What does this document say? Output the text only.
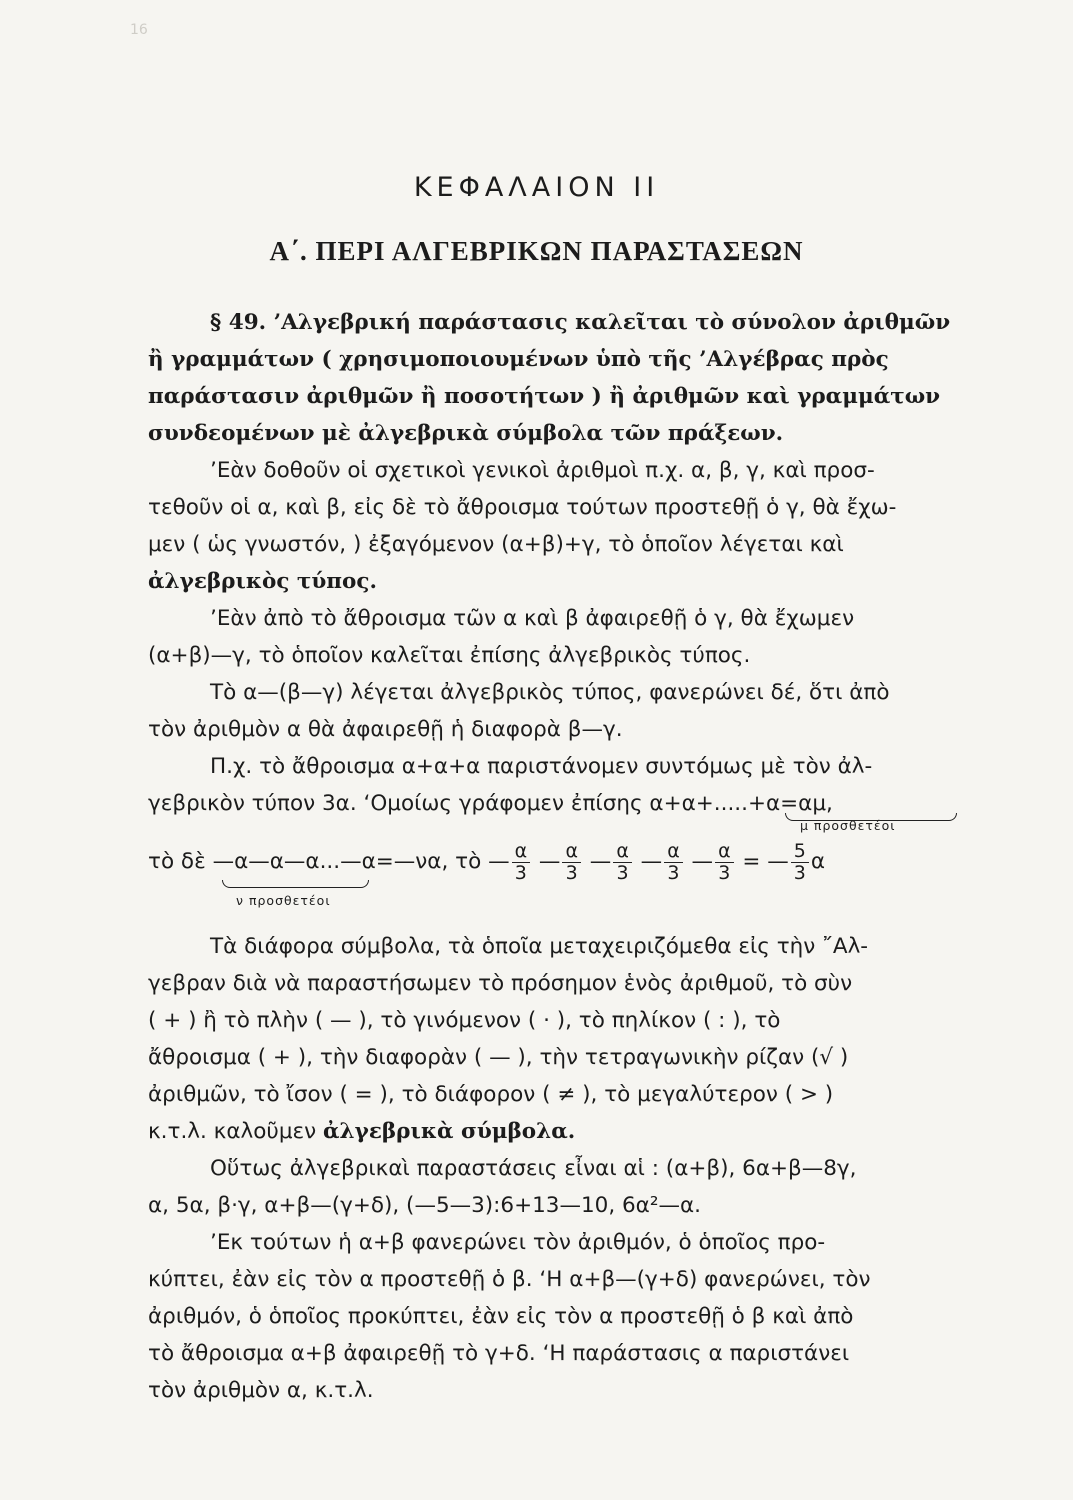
16
ΚΕΦΑΛΑΙΟΝ ΙΙ
Α΄. ΠΕΡΙ ΑΛΓΕΒΡΙΚΩΝ ΠΑΡΑΣΤΑΣΕΩΝ
§ 49. ’Αλγεβρική παράστασις καλεῖται τὸ σύνολον ἀριθμῶν
ἢ γραμμάτων ( χρησιμοποιουμένων ὑπὸ τῆς ’Αλγέβρας πρὸς
παράστασιν ἀριθμῶν ἢ ποσοτήτων ) ἢ ἀριθμῶν καὶ γραμμάτων
συνδεομένων μὲ ἀλγεβρικὰ σύμβολα τῶν πράξεων.
’Εὰν δοθοῦν οἱ σχετικοὶ γενικοὶ ἀριθμοὶ π.χ. α, β, γ, καὶ προσ-
τεθοῦν οἱ α, καὶ β, εἰς δὲ τὸ ἄθροισμα τούτων προστεθῇ ὁ γ, θὰ ἔχω-
μεν ( ὡς γνωστόν, ) ἐξαγόμενον (α+β)+γ, τὸ ὁποῖον λέγεται καὶ
ἀλγεβρικὸς τύπος.
’Εὰν ἀπὸ τὸ ἄθροισμα τῶν α καὶ β ἀφαιρεθῇ ὁ γ, θὰ ἔχωμεν
(α+β)—γ, τὸ ὁποῖον καλεῖται ἐπίσης ἀλγεβρικὸς τύπος.
Τὸ α—(β—γ) λέγεται ἀλγεβρικὸς τύπος, φανερώνει δέ, ὅτι ἀπὸ
τὸν ἀριθμὸν α θὰ ἀφαιρεθῇ ἡ διαφορὰ β—γ.
Π.χ. τὸ ἄθροισμα α+α+α παριστάνομεν συντόμως μὲ τὸν ἀλ-
γεβρικὸν τύπον 3α. ‘Ομοίως γράφομεν ἐπίσης α+α+.....+α=αμ,
μ προσθετέοι
τὸ δὲ —α—α—α...—α=—να, τὸ — $\frac{\alpha}{3}$ — $\frac{\alpha}{3}$ — $\frac{\alpha}{3}$ — $\frac{\alpha}{3}$ — $\frac{\alpha}{3}$ = — $\frac{5}{3}$ α
ν προσθετέοι
Τὰ διάφορα σύμβολα, τὰ ὁποῖα μεταχειριζόμεθα εἰς τὴν ῎Αλ-
γεβραν διὰ νὰ παραστήσωμεν τὸ πρόσημον ἑνὸς ἀριθμοῦ, τὸ σὺν
( + ) ἢ τὸ πλὴν ( — ), τὸ γινόμενον ( · ), τὸ πηλίκον ( : ), τὸ
ἄθροισμα ( + ), τὴν διαφορὰν ( — ), τὴν τετραγωνικὴν ρίζαν (√ )
ἀριθμῶν, τὸ ἴσον ( = ), τὸ διάφορον ( ≠ ), τὸ μεγαλύτερον ( > )
κ.τ.λ. καλοῦμεν ἀλγεβρικὰ σύμβολα.
Οὕτως ἀλγεβρικαὶ παραστάσεις εἶναι αἱ : (α+β), 6α+β—8γ,
α, 5α, β·γ, α+β—(γ+δ), (—5—3):6+13—10, 6α²—α.
’Εκ τούτων ἡ α+β φανερώνει τὸν ἀριθμόν, ὁ ὁποῖος προ-
κύπτει, ἐὰν εἰς τὸν α προστεθῇ ὁ β. ‘Η α+β—(γ+δ) φανερώνει, τὸν
ἀριθμόν, ὁ ὁποῖος προκύπτει, ἐὰν εἰς τὸν α προστεθῇ ὁ β καὶ ἀπὸ
τὸ ἄθροισμα α+β ἀφαιρεθῇ τὸ γ+δ. ‘Η παράστασις α παριστάνει
τὸν ἀριθμὸν α, κ.τ.λ.
